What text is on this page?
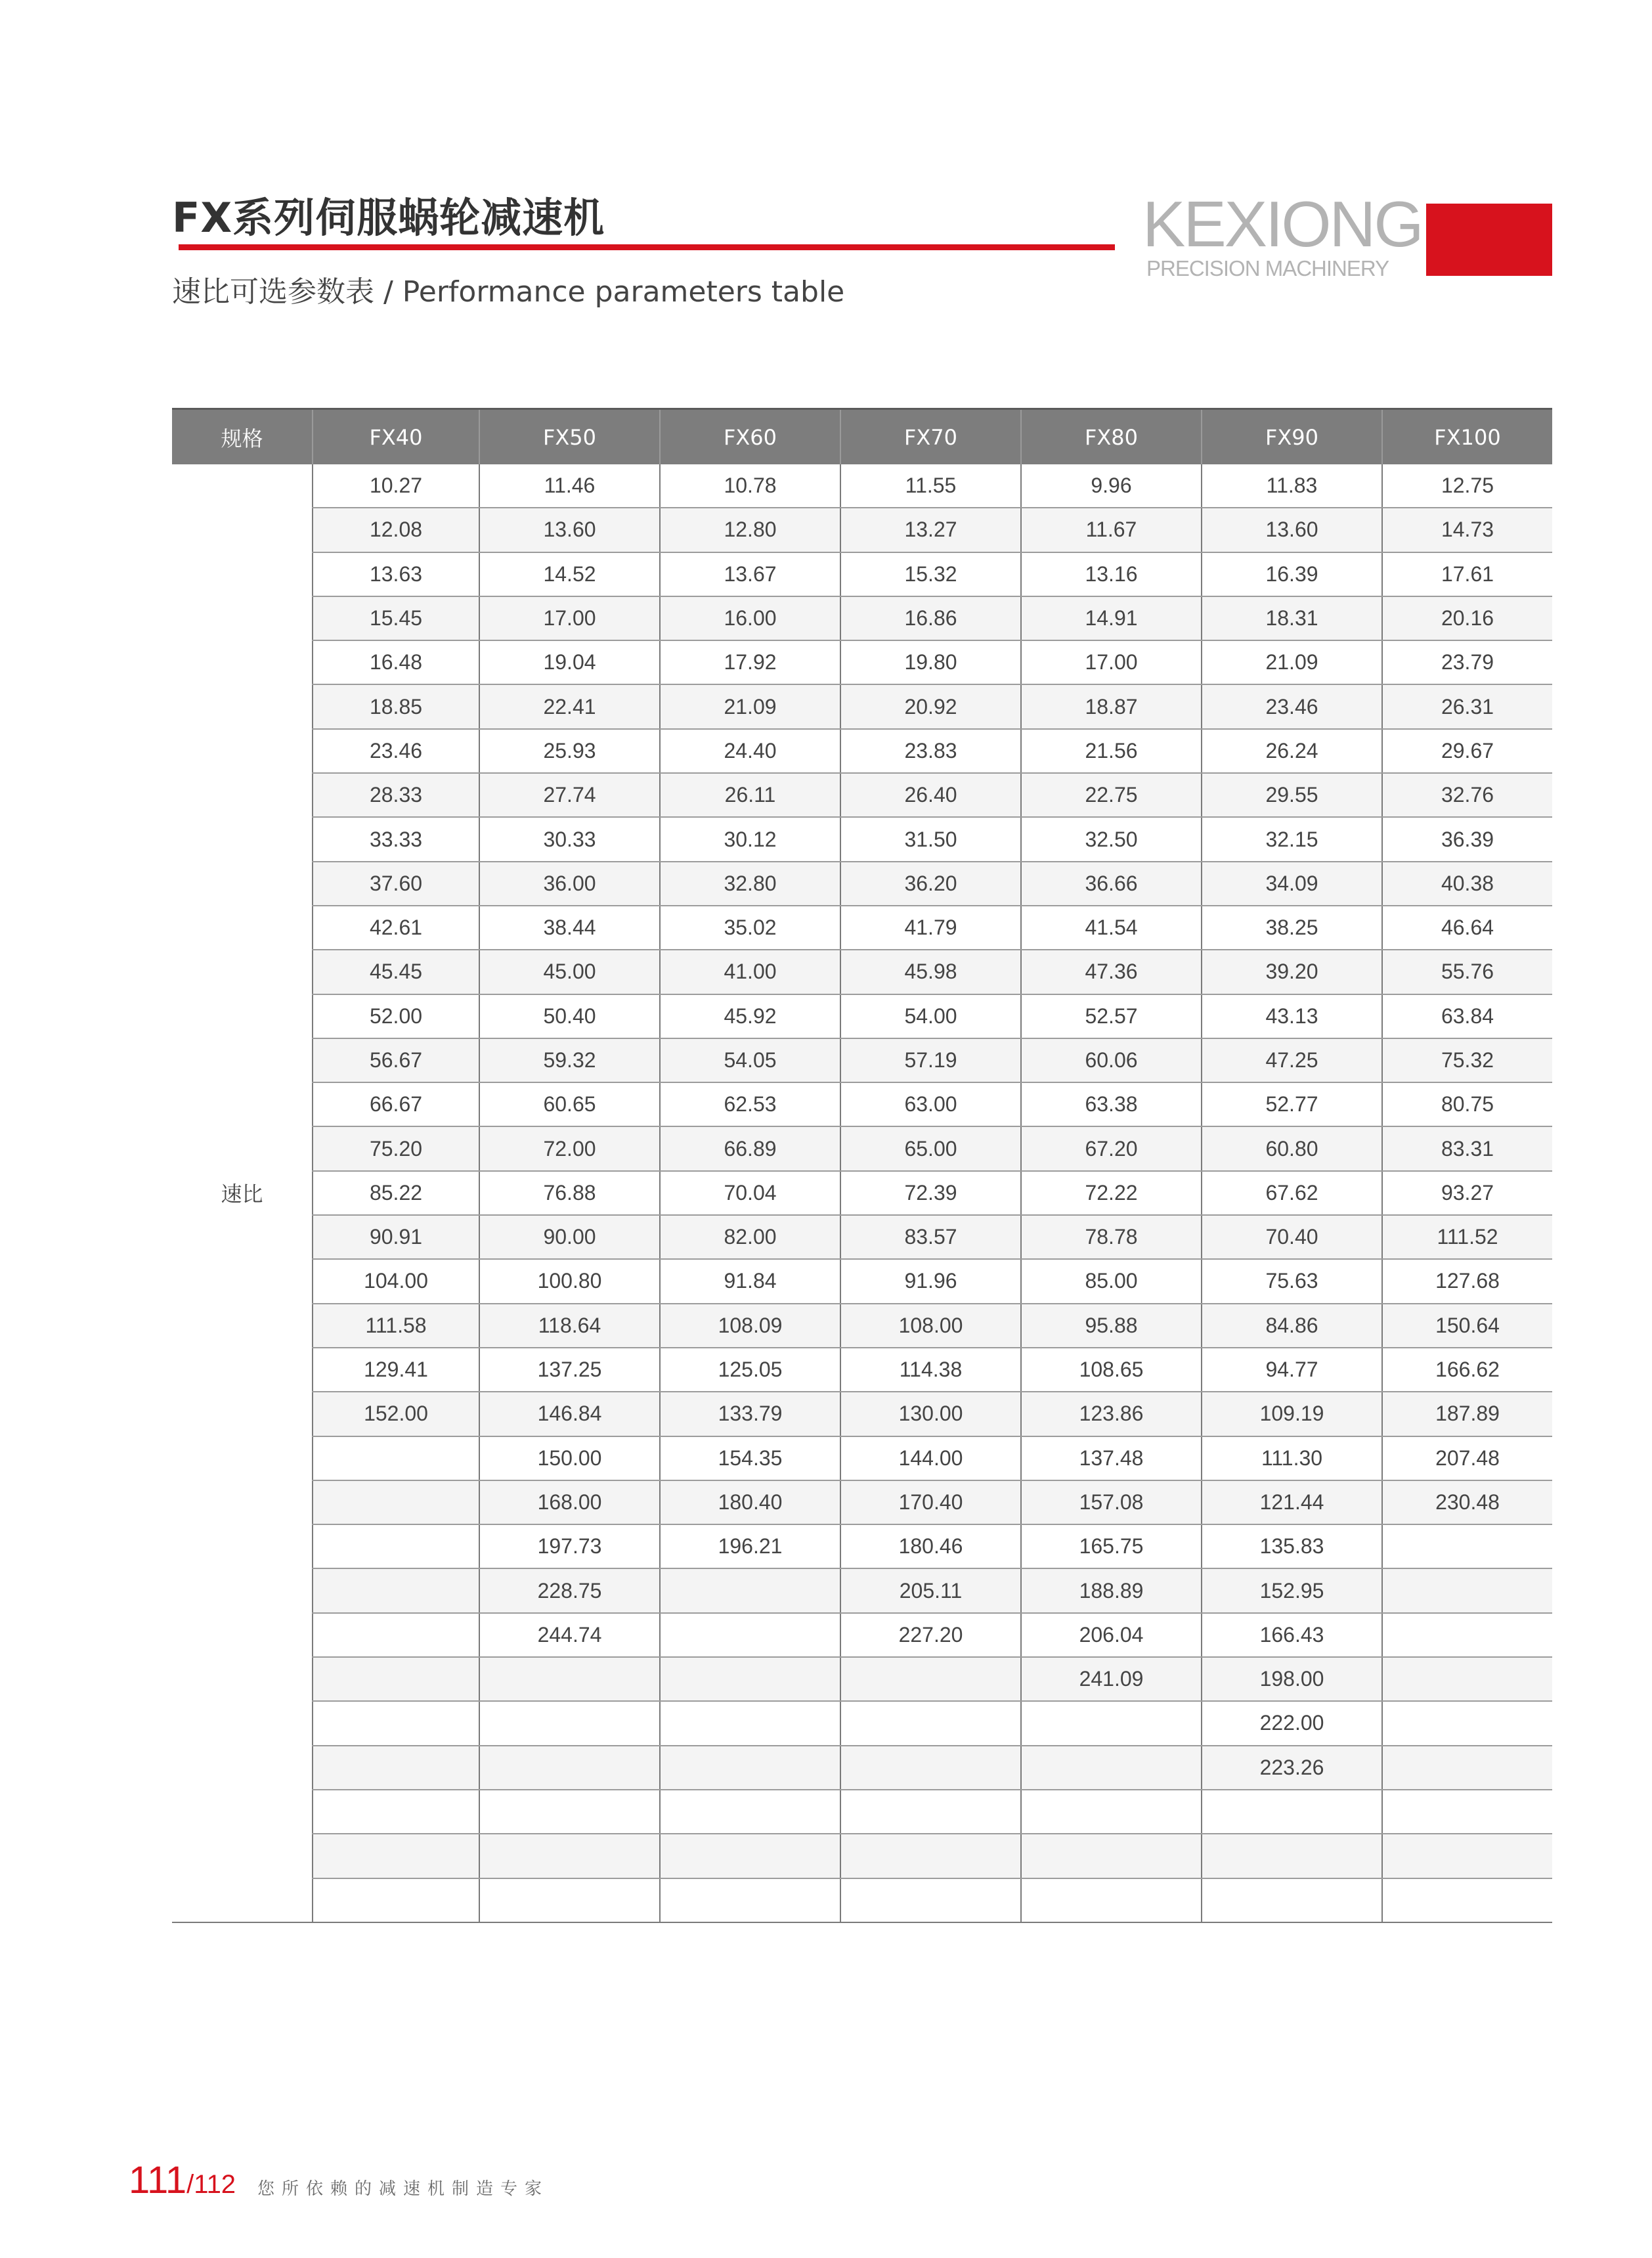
FX系列伺服蜗轮减速机
速比可选参数表 / Performance parameters table
KEXIONG
PRECISION MACHINERY
规格	FX40	FX50	FX60	FX70	FX80	FX90	FX100
速比	10.27	11.46	10.78	11.55	9.96	11.83	12.75
	12.08	13.60	12.80	13.27	11.67	13.60	14.73
	13.63	14.52	13.67	15.32	13.16	16.39	17.61
	15.45	17.00	16.00	16.86	14.91	18.31	20.16
	16.48	19.04	17.92	19.80	17.00	21.09	23.79
	18.85	22.41	21.09	20.92	18.87	23.46	26.31
	23.46	25.93	24.40	23.83	21.56	26.24	29.67
	28.33	27.74	26.11	26.40	22.75	29.55	32.76
	33.33	30.33	30.12	31.50	32.50	32.15	36.39
	37.60	36.00	32.80	36.20	36.66	34.09	40.38
	42.61	38.44	35.02	41.79	41.54	38.25	46.64
	45.45	45.00	41.00	45.98	47.36	39.20	55.76
	52.00	50.40	45.92	54.00	52.57	43.13	63.84
	56.67	59.32	54.05	57.19	60.06	47.25	75.32
	66.67	60.65	62.53	63.00	63.38	52.77	80.75
	75.20	72.00	66.89	65.00	67.20	60.80	83.31
	85.22	76.88	70.04	72.39	72.22	67.62	93.27
	90.91	90.00	82.00	83.57	78.78	70.40	111.52
	104.00	100.80	91.84	91.96	85.00	75.63	127.68
	111.58	118.64	108.09	108.00	95.88	84.86	150.64
	129.41	137.25	125.05	114.38	108.65	94.77	166.62
	152.00	146.84	133.79	130.00	123.86	109.19	187.89
		150.00	154.35	144.00	137.48	111.30	207.48
		168.00	180.40	170.40	157.08	121.44	230.48
		197.73	196.21	180.46	165.75	135.83	
		228.75		205.11	188.89	152.95	
		244.74		227.20	206.04	166.43	
					241.09	198.00	
						222.00	
						223.26	

111/112 您所依赖的减速机制造专家
